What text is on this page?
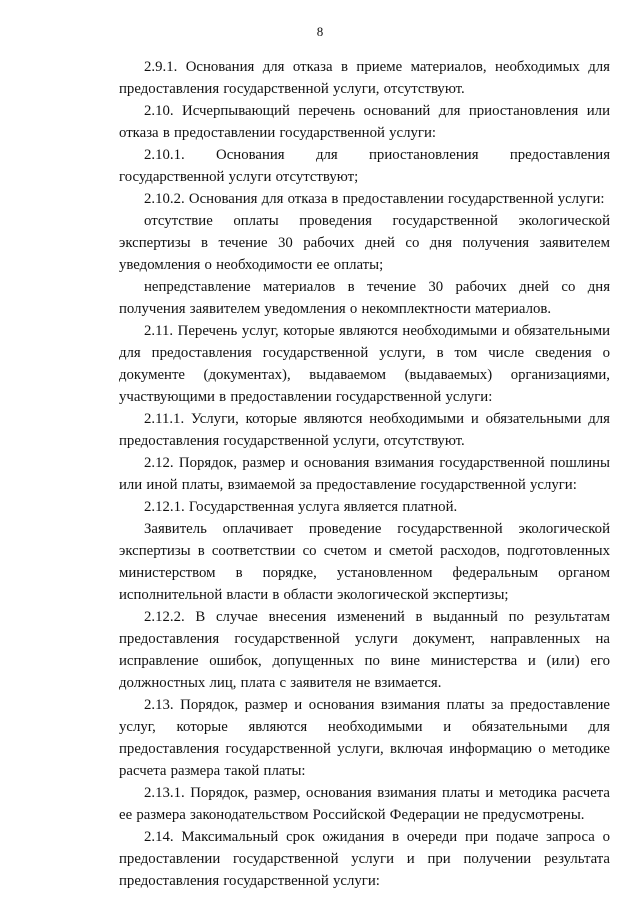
8

2.9.1. Основания для отказа в приеме материалов, необходимых для предоставления государственной услуги, отсутствуют.

2.10. Исчерпывающий перечень оснований для приостановления или отказа в предоставлении государственной услуги:

2.10.1. Основания для приостановления предоставления государственной услуги отсутствуют;

2.10.2. Основания для отказа в предоставлении государственной услуги:

отсутствие оплаты проведения государственной экологической экспертизы в течение 30 рабочих дней со дня получения заявителем уведомления о необходимости ее оплаты;

непредставление материалов в течение 30 рабочих дней со дня получения заявителем уведомления о некомплектности материалов.

2.11. Перечень услуг, которые являются необходимыми и обязательными для предоставления государственной услуги, в том числе сведения о документе (документах), выдаваемом (выдаваемых) организациями, участвующими в предоставлении государственной услуги:

2.11.1. Услуги, которые являются необходимыми и обязательными для предоставления государственной услуги, отсутствуют.

2.12. Порядок, размер и основания взимания государственной пошлины или иной платы, взимаемой за предоставление государственной услуги:

2.12.1. Государственная услуга является платной.

Заявитель оплачивает проведение государственной экологической экспертизы в соответствии со счетом и сметой расходов, подготовленных министерством в порядке, установленном федеральным органом исполнительной власти в области экологической экспертизы;

2.12.2. В случае внесения изменений в выданный по результатам предоставления государственной услуги документ, направленных на исправление ошибок, допущенных по вине министерства и (или) его должностных лиц, плата с заявителя не взимается.

2.13. Порядок, размер и основания взимания платы за предоставление услуг, которые являются необходимыми и обязательными для предоставления государственной услуги, включая информацию о методике расчета размера такой платы:

2.13.1. Порядок, размер, основания взимания платы и методика расчета ее размера законодательством Российской Федерации не предусмотрены.

2.14. Максимальный срок ожидания в очереди при подаче запроса о предоставлении государственной услуги и при получении результата предоставления государственной услуги:
